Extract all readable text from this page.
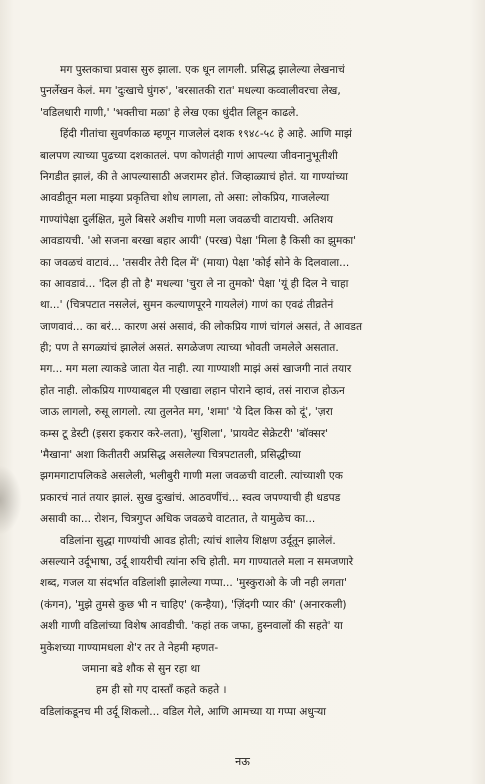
मग पुस्तकाचा प्रवास सुरु झाला. एक धून लागली. प्रसिद्ध झालेल्या लेखनाचं
पुनर्लेखन केलं. मग 'दुःखाचे घुंगरु', 'बरसातकी रात' मधल्या कव्वालीवरचा लेख,
'वडिलधारी गाणी,' 'भक्तीचा मळा' हे लेख एका धुंदीत लिहून काढले.
हिंदी गीतांचा सुवर्णकाळ म्हणून गाजलेलं दशक १९४८-५८ हे आहे. आणि माझं
बालपण त्याच्या पुढच्या दशकातलं. पण कोणतंही गाणं आपल्या जीवनानुभूतीशी
निगडीत झालं, की ते आपल्यासाठी अजरामर होतं. जिव्हाळ्याचं होतं. या गाण्यांच्या
आवडीतून मला माझ्या प्रकृतिचा शोध लागला, तो असा: लोकप्रिय, गाजलेल्या
गाण्यांपेक्षा दुर्लक्षित, मुले बिसरे अशीच गाणी मला जवळची वाटायची. अतिशय
आवडायची. 'ओ सजना बरखा बहार आयी' (परख) पेक्षा 'मिला है किसी का झुमका'
का जवळचं वाटावं... 'तसवीर तेरी दिल में' (माया) पेक्षा 'कोई सोने के दिलवाला...
का आवडावं... 'दिल ही तो है' मधल्या 'चुरा ले ना तुमको' पेक्षा 'यूं ही दिल ने चाहा
था...' (चित्रपटात नसलेलं, सुमन कल्याणपूरने गायलेलं) गाणं का एवढं तीव्रतेनं
जाणवावं... का बरं... कारण असं असावं, की लोकप्रिय गाणं चांगलं असतं, ते आवडत
ही; पण ते सगळ्यांचं झालेलं असतं. सगळेजण त्याच्या भोवती जमलेले असतात.
मग... मग मला त्याकडे जाता येत नाही. त्या गाण्याशी माझं असं खाजगी नातं तयार
होत नाही. लोकप्रिय गाण्याबद्दल मी एखाद्या लहान पोराने व्हावं, तसं नाराज होऊन
जाऊ लागलो, रुसू लागलो. त्या तुलनेत मग, 'शमा' 'ये दिल किस को दूं', 'ज़रा
कम्स टू डेस्टी (इसरा इकरार करे-लता), 'सुशिला', 'प्रायवेट सेक्रेटरी' 'बॉक्सर'
'मैखाना' अशा कितीतरी अप्रसिद्ध असलेल्या चित्रपटातली, प्रसिद्धीच्या
झगमगाटापलिकडे असलेली, भलीबुरी गाणी मला जवळची वाटली. त्यांच्याशी एक
प्रकारचं नातं तयार झालं. सुख दुःखांचं. आठवणींचं... स्वत्व जपण्याची ही धडपड
असावी का... रोशन, चित्रगुप्त अधिक जवळचे वाटतात, ते यामुळेच का...
वडिलांना सुद्धा गाण्यांची आवड होती; त्यांचं शालेय शिक्षण उर्दूतून झालेलं.
असल्याने उर्दूभाषा, उर्दू शायरीची त्यांना रुचि होती. मग गाण्यातले मला न समजणारे
शब्द, गजल या संदर्भात वडिलांशी झालेल्या गप्पा... 'मुस्कुराओ के जी नही लगता'
(कंगन), 'मुझे तुमसे कुछ भी न चाहिए' (कन्हैया), 'ज़िंदगी प्यार की' (अनारकली)
अशी गाणी वडिलांच्या विशेष आवडीची. 'कहां तक जफा, हुस्नवालों की सहते' या
मुकेशच्या गाण्यामधला शे'र तर ते नेहमी म्हणत-
जमाना बडे शौक से सुन रहा था
हम ही सो गए दास्ताँ कहते कहते ।
वडिलांकडूनच मी उर्दू शिकलो... वडिल गेले, आणि आमच्या या गप्पा अधुऱ्या
नऊ
